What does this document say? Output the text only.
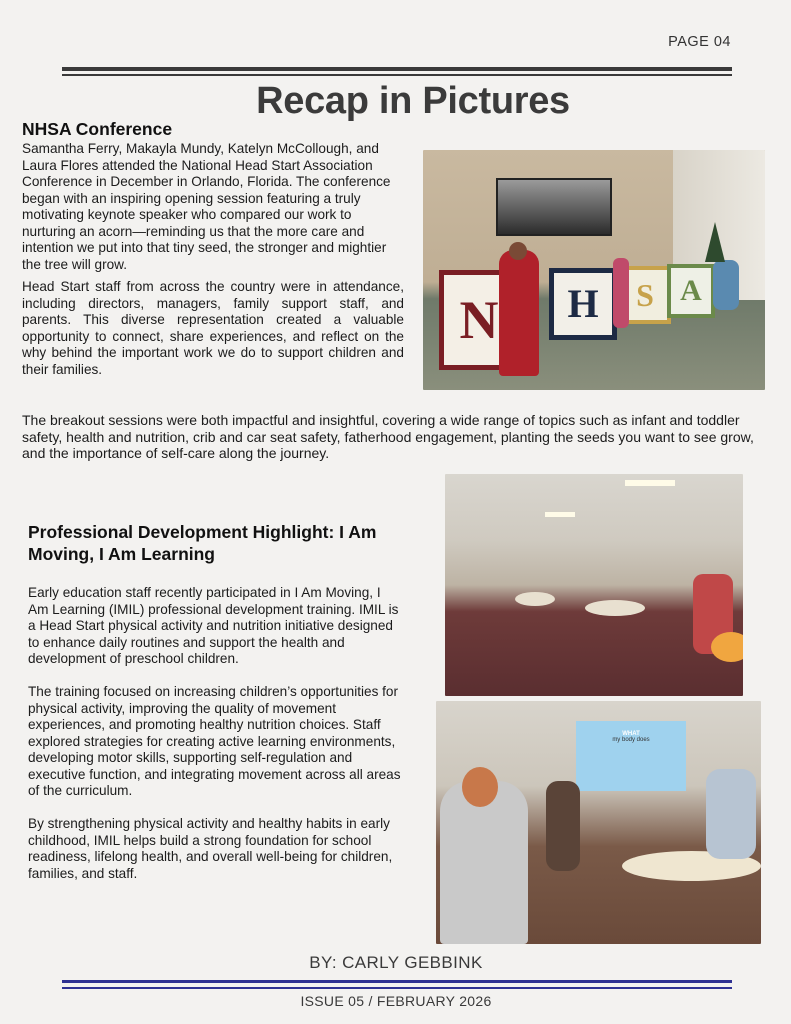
PAGE 04
Recap in Pictures
NHSA Conference

Samantha Ferry, Makayla Mundy, Katelyn McCollough, and Laura Flores attended the National Head Start Association Conference in December in Orlando, Florida. The conference began with an inspiring opening session featuring a truly motivating keynote speaker who compared our work to nurturing an acorn—reminding us that the more care and intention we put into that tiny seed, the stronger and mightier the tree will grow.

Head Start staff from across the country were in attendance, including directors, managers, family support staff, and parents. This diverse representation created a valuable opportunity to connect, share experiences, and reflect on the why behind the important work we do to support children and their families.

The breakout sessions were both impactful and insightful, covering a wide range of topics such as infant and toddler safety, health and nutrition, crib and car seat safety, fatherhood engagement, planting the seeds you want to see grow, and the importance of self-care along the journey.

N	H	S A
Professional Development Highlight: I Am Moving, I Am Learning

Early education staff recently participated in I Am Moving, I Am Learning (IMIL) professional development training. IMIL is a Head Start physical activity and nutrition initiative designed to enhance daily routines and support the health and development of preschool children.

The training focused on increasing children’s opportunities for physical activity, improving the quality of movement experiences, and promoting healthy nutrition choices. Staff explored strategies for creating active learning environments, developing motor skills, supporting self-regulation and executive function, and integrating movement across all areas of the curriculum.

By strengthening physical activity and healthy habits in early childhood, IMIL helps build a strong foundation for school readiness, lifelong health, and overall well-being for children, families, and staff.

WHAT
my body does
BY: CARLY GEBBINK
ISSUE 05 / FEBRUARY 2026
